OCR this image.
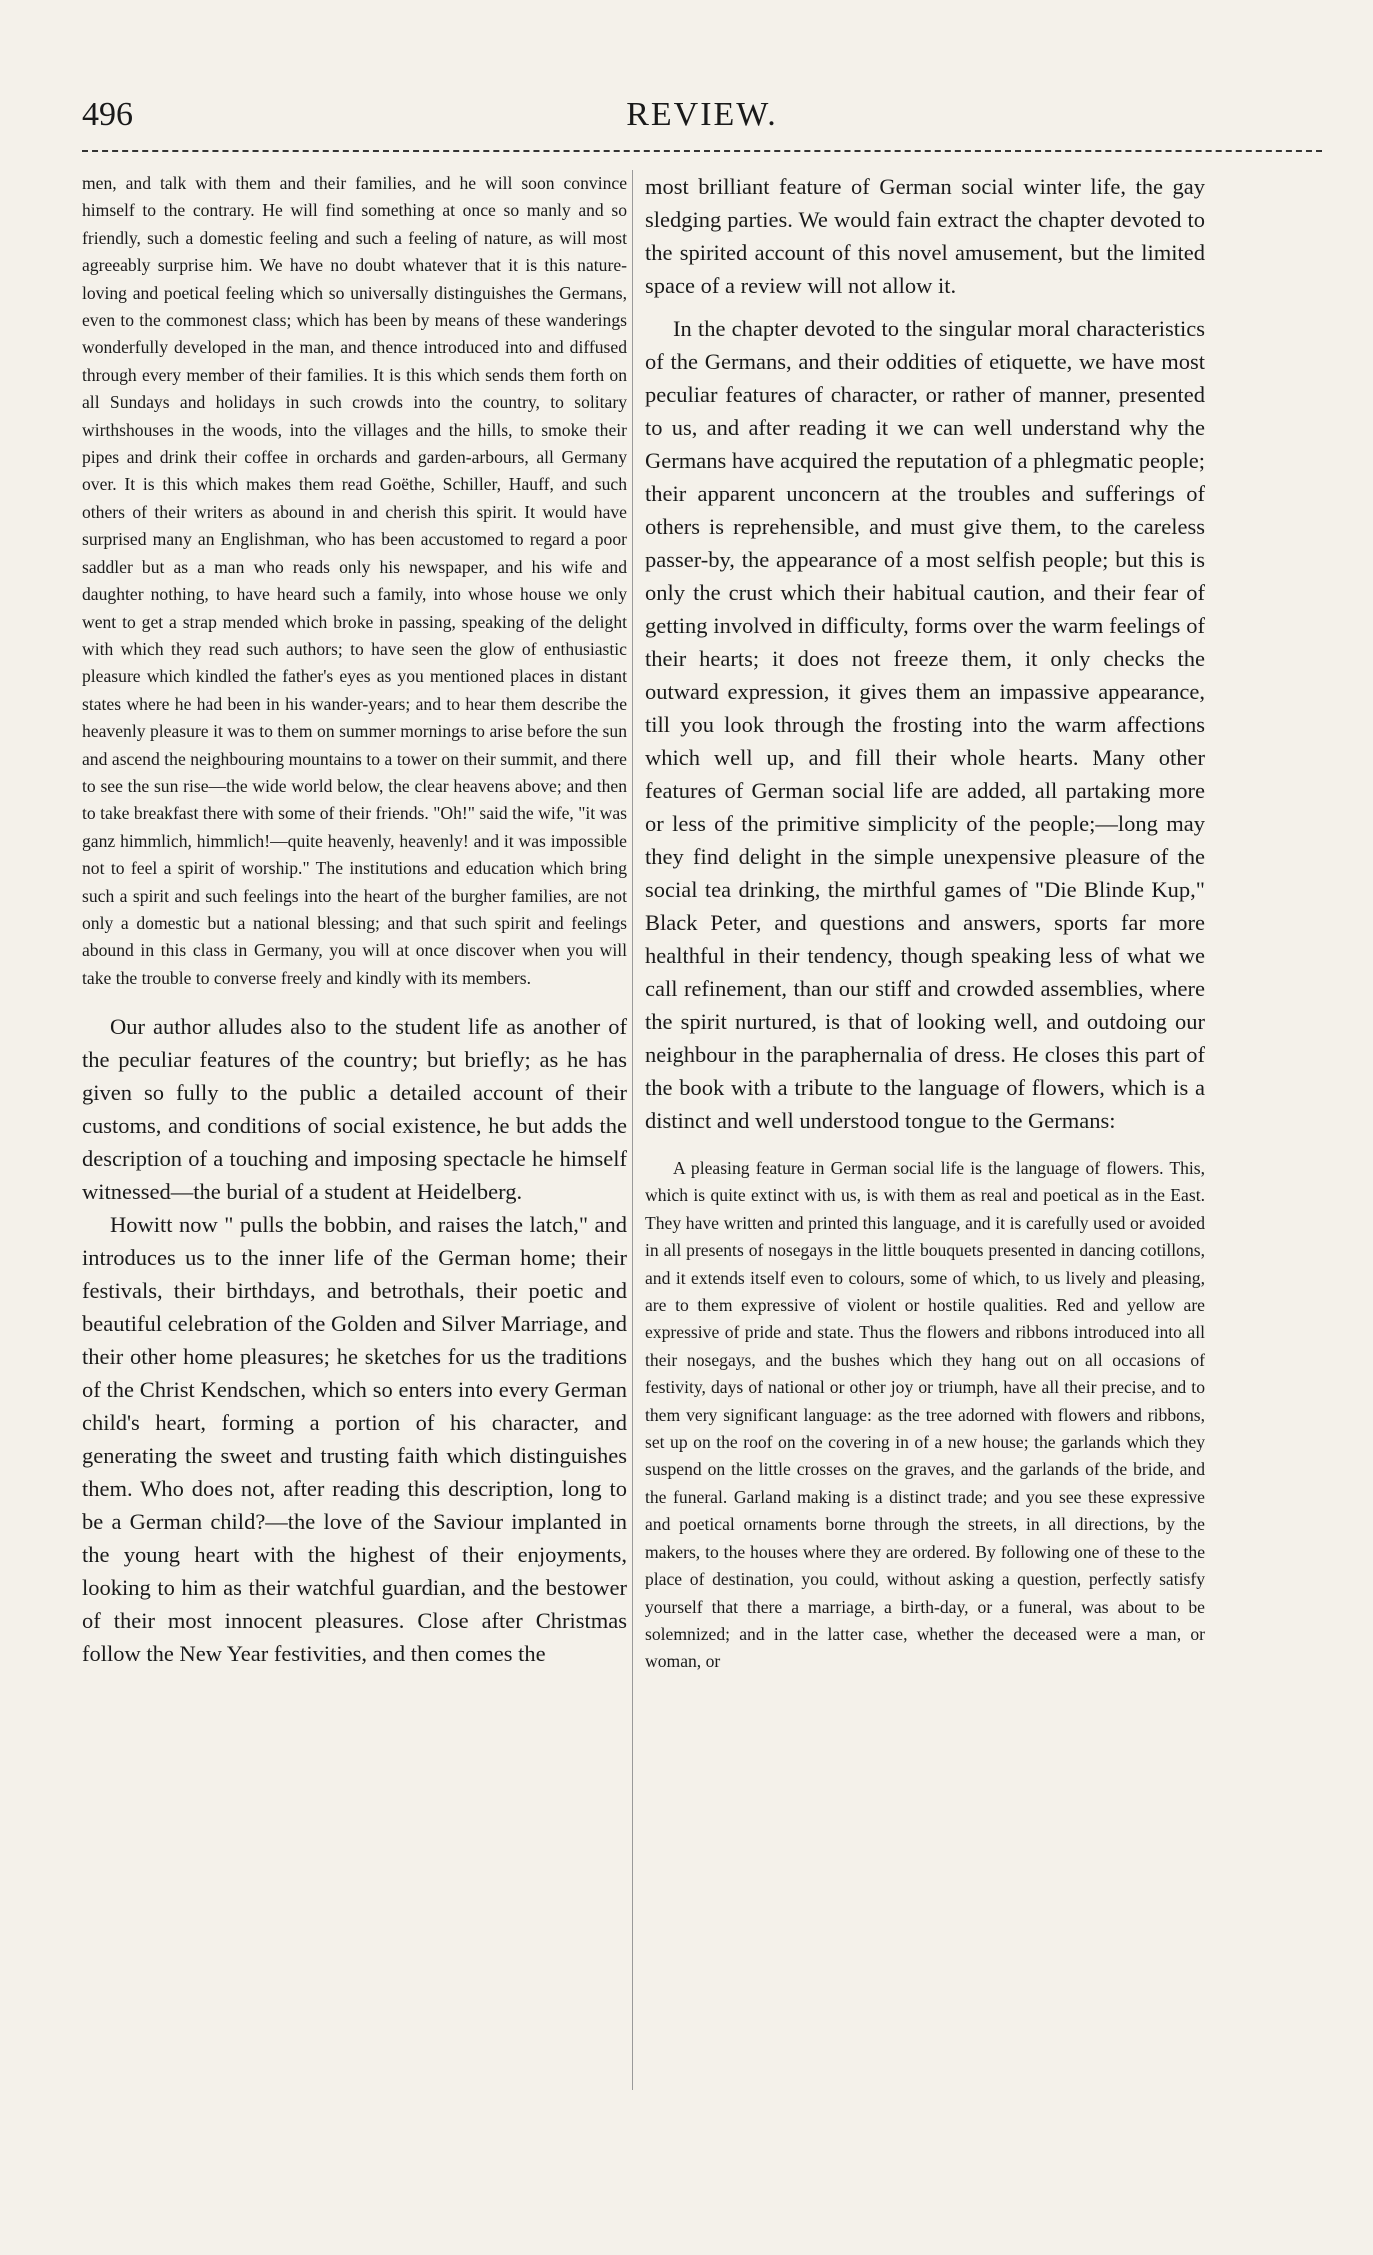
496	REVIEW.

men, and talk with them and their families, and he will soon convince himself to the contrary. He will find something at once so manly and so friendly, such a domestic feeling and such a feeling of nature, as will most agreeably surprise him. We have no doubt whatever that it is this nature-loving and poetical feeling which so universally distinguishes the Germans, even to the commonest class; which has been by means of these wanderings wonderfully developed in the man, and thence introduced into and diffused through every member of their families. It is this which sends them forth on all Sundays and holidays in such crowds into the country, to solitary wirthshouses in the woods, into the villages and the hills, to smoke their pipes and drink their coffee in orchards and garden-arbours, all Germany over. It is this which makes them read Goëthe, Schiller, Hauff, and such others of their writers as abound in and cherish this spirit. It would have surprised many an Englishman, who has been accustomed to regard a poor saddler but as a man who reads only his newspaper, and his wife and daughter nothing, to have heard such a family, into whose house we only went to get a strap mended which broke in passing, speaking of the delight with which they read such authors; to have seen the glow of enthusiastic pleasure which kindled the father's eyes as you mentioned places in distant states where he had been in his wander-years; and to hear them describe the heavenly pleasure it was to them on summer mornings to arise before the sun and ascend the neighbouring mountains to a tower on their summit, and there to see the sun rise—the wide world below, the clear heavens above; and then to take breakfast there with some of their friends. "Oh!" said the wife, "it was ganz himmlich, himmlich!—quite heavenly, heavenly! and it was impossible not to feel a spirit of worship." The institutions and education which bring such a spirit and such feelings into the heart of the burgher families, are not only a domestic but a national blessing; and that such spirit and feelings abound in this class in Germany, you will at once discover when you will take the trouble to converse freely and kindly with its members.

Our author alludes also to the student life as another of the peculiar features of the country; but briefly; as he has given so fully to the public a detailed account of their customs, and conditions of social existence, he but adds the description of a touching and imposing spectacle he himself witnessed—the burial of a student at Heidelberg.

Howitt now " pulls the bobbin, and raises the latch," and introduces us to the inner life of the German home; their festivals, their birthdays, and betrothals, their poetic and beautiful celebration of the Golden and Silver Marriage, and their other home pleasures; he sketches for us the traditions of the Christ Kendschen, which so enters into every German child's heart, forming a portion of his character, and generating the sweet and trusting faith which distinguishes them. Who does not, after reading this description, long to be a German child?—the love of the Saviour implanted in the young heart with the highest of their enjoyments, looking to him as their watchful guardian, and the bestower of their most innocent pleasures. Close after Christmas follow the New Year festivities, and then comes the

most brilliant feature of German social winter life, the gay sledging parties. We would fain extract the chapter devoted to the spirited account of this novel amusement, but the limited space of a review will not allow it.

In the chapter devoted to the singular moral characteristics of the Germans, and their oddities of etiquette, we have most peculiar features of character, or rather of manner, presented to us, and after reading it we can well understand why the Germans have acquired the reputation of a phlegmatic people; their apparent unconcern at the troubles and sufferings of others is reprehensible, and must give them, to the careless passer-by, the appearance of a most selfish people; but this is only the crust which their habitual caution, and their fear of getting involved in difficulty, forms over the warm feelings of their hearts; it does not freeze them, it only checks the outward expression, it gives them an impassive appearance, till you look through the frosting into the warm affections which well up, and fill their whole hearts. Many other features of German social life are added, all partaking more or less of the primitive simplicity of the people;—long may they find delight in the simple unexpensive pleasure of the social tea drinking, the mirthful games of "Die Blinde Kup," Black Peter, and questions and answers, sports far more healthful in their tendency, though speaking less of what we call refinement, than our stiff and crowded assemblies, where the spirit nurtured, is that of looking well, and outdoing our neighbour in the paraphernalia of dress. He closes this part of the book with a tribute to the language of flowers, which is a distinct and well understood tongue to the Germans:

A pleasing feature in German social life is the language of flowers. This, which is quite extinct with us, is with them as real and poetical as in the East. They have written and printed this language, and it is carefully used or avoided in all presents of nosegays in the little bouquets presented in dancing cotillons, and it extends itself even to colours, some of which, to us lively and pleasing, are to them expressive of violent or hostile qualities. Red and yellow are expressive of pride and state. Thus the flowers and ribbons introduced into all their nosegays, and the bushes which they hang out on all occasions of festivity, days of national or other joy or triumph, have all their precise, and to them very significant language: as the tree adorned with flowers and ribbons, set up on the roof on the covering in of a new house; the garlands which they suspend on the little crosses on the graves, and the garlands of the bride, and the funeral. Garland making is a distinct trade; and you see these expressive and poetical ornaments borne through the streets, in all directions, by the makers, to the houses where they are ordered. By following one of these to the place of destination, you could, without asking a question, perfectly satisfy yourself that there a marriage, a birth-day, or a funeral, was about to be solemnized; and in the latter case, whether the deceased were a man, or woman, or
